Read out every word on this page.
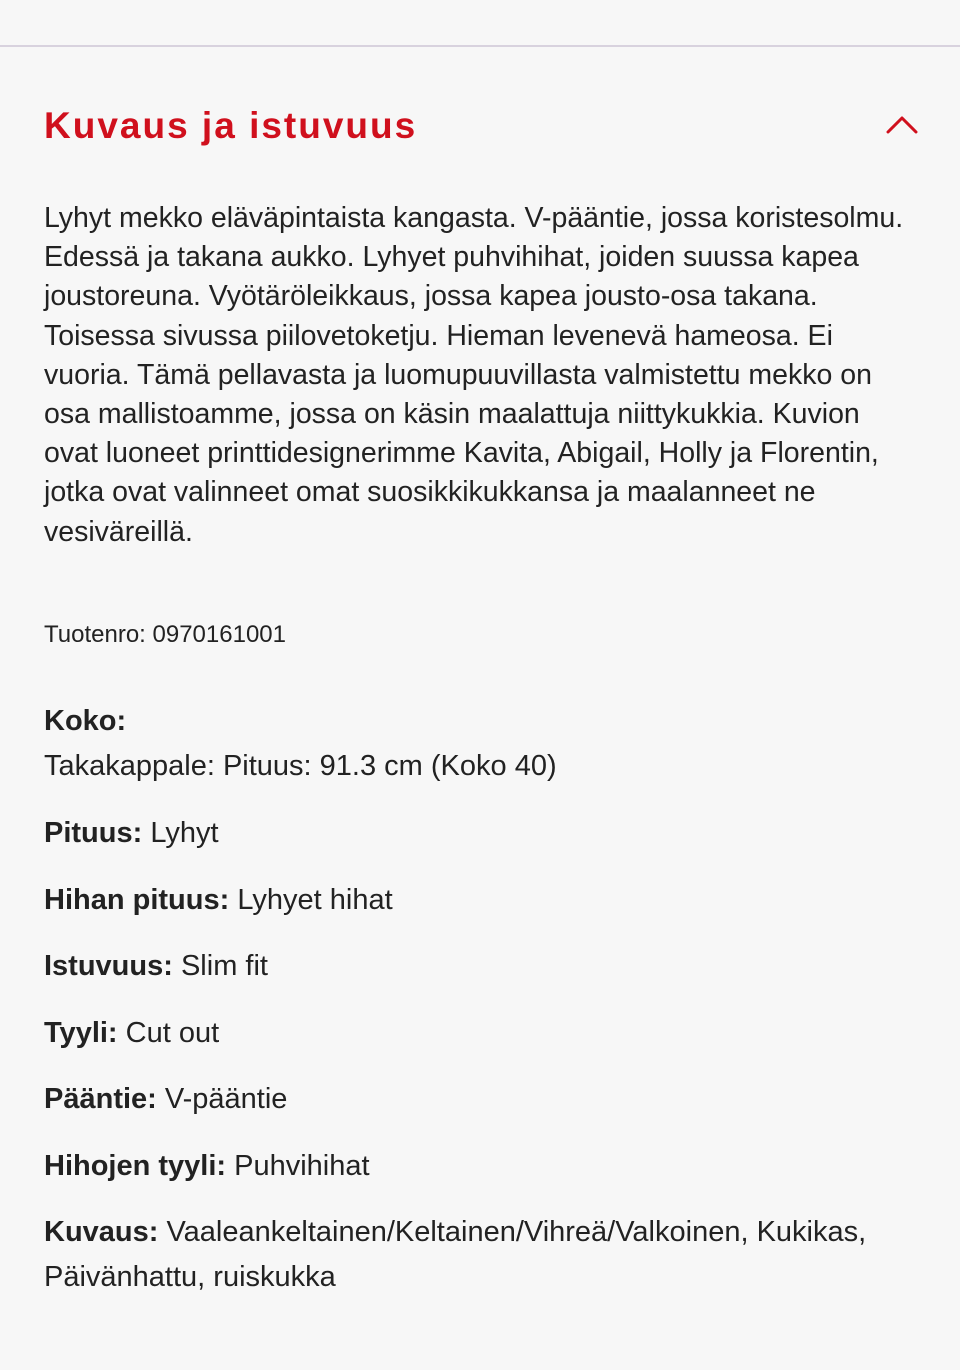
Kuvaus ja istuvuus

Lyhyt mekko eläväpintaista kangasta. V-pääntie, jossa koristesolmu. Edessä ja takana aukko. Lyhyet puhvihihat, joiden suussa kapea joustoreuna. Vyötäröleikkaus, jossa kapea jousto-osa takana. Toisessa sivussa piilovetoketju. Hieman levenevä hameosa. Ei vuoria. Tämä pellavasta ja luomupuuvillasta valmistettu mekko on osa mallistoamme, jossa on käsin maalattuja niittykukkia. Kuvion ovat luoneet printtidesignerimme Kavita, Abigail, Holly ja Florentin, jotka ovat valinneet omat suosikkikukkansa ja maalanneet ne vesiväreillä.

Tuotenro: 0970161001
Koko:
Takakappale: Pituus: 91.3 cm (Koko 40)
Pituus: Lyhyt
Hihan pituus: Lyhyet hihat
Istuvuus: Slim fit
Tyyli: Cut out
Pääntie: V-pääntie
Hihojen tyyli: Puhvihihat
Kuvaus: Vaaleankeltainen/Keltainen/Vihreä/Valkoinen, Kukikas, Päivänhattu, ruiskukka
